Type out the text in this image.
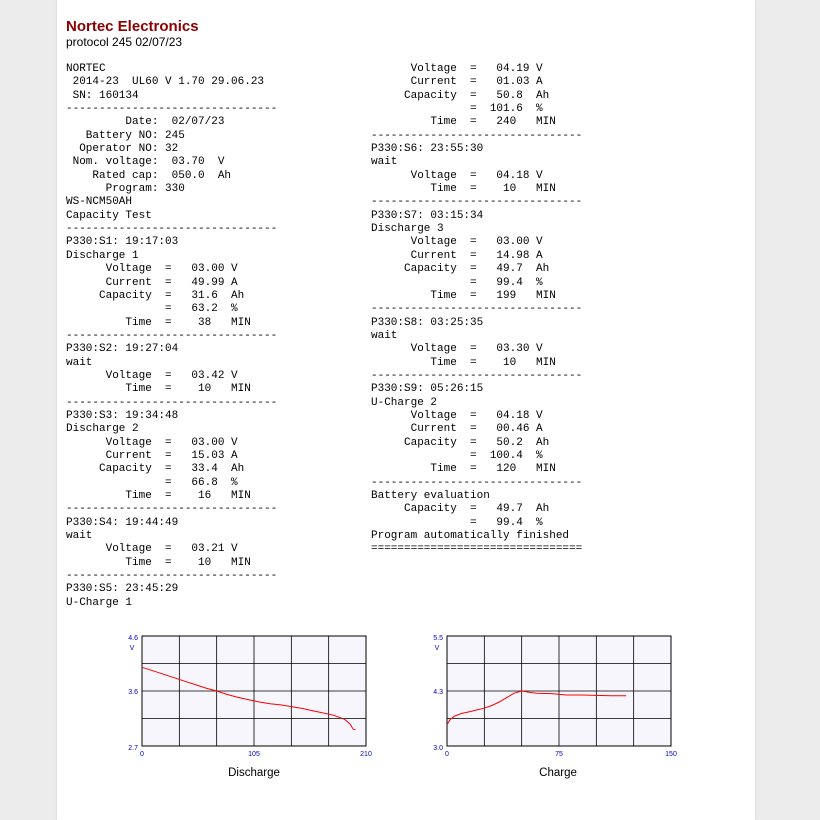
Nortec Electronics
protocol 245 02/07/23
NORTEC
2014-23  UL60 V 1.70 29.06.23
SN: 160134
--------------------------------
Date:  02/07/23
Battery NO: 245
Operator NO: 32
Nom. voltage:  03.70  V
Rated cap:  050.0  Ah
Program: 330
WS-NCM50AH
Capacity Test
--------------------------------
P330:S1: 19:17:03
Discharge 1
Voltage  =   03.00 V
Current  =   49.99 A
Capacity  =   31.6  Ah
=   63.2  %
Time  =    38   MIN
--------------------------------
P330:S2: 19:27:04
wait
Voltage  =   03.42 V
Time  =    10   MIN
--------------------------------
P330:S3: 19:34:48
Discharge 2
Voltage  =   03.00 V
Current  =   15.03 A
Capacity  =   33.4  Ah
=   66.8  %
Time  =    16   MIN
--------------------------------
P330:S4: 19:44:49
wait
Voltage  =   03.21 V
Time  =    10   MIN
--------------------------------
P330:S5: 23:45:29
U-Charge 1
Voltage  =   04.19 V
Current  =   01.03 A
Capacity  =   50.8  Ah
=  101.6  %
Time  =   240   MIN
--------------------------------
P330:S6: 23:55:30
wait
Voltage  =   04.18 V
Time  =    10   MIN
--------------------------------
P330:S7: 03:15:34
Discharge 3
Voltage  =   03.00 V
Current  =   14.98 A
Capacity  =   49.7  Ah
=   99.4  %
Time  =   199   MIN
--------------------------------
P330:S8: 03:25:35
wait
Voltage  =   03.30 V
Time  =    10   MIN
--------------------------------
P330:S9: 05:26:15
U-Charge 2
Voltage  =   04.18 V
Current  =   00.46 A
Capacity  =   50.2  Ah
=  100.4  %
Time  =   120   MIN
--------------------------------
Battery evaluation
Capacity  =   49.7  Ah
=   99.4  %
Program automatically finished
================================
4.6
3.6
2.7
V
0	105	210
Discharge
5.5
4.3
3.0
V
0	75	150
Charge
